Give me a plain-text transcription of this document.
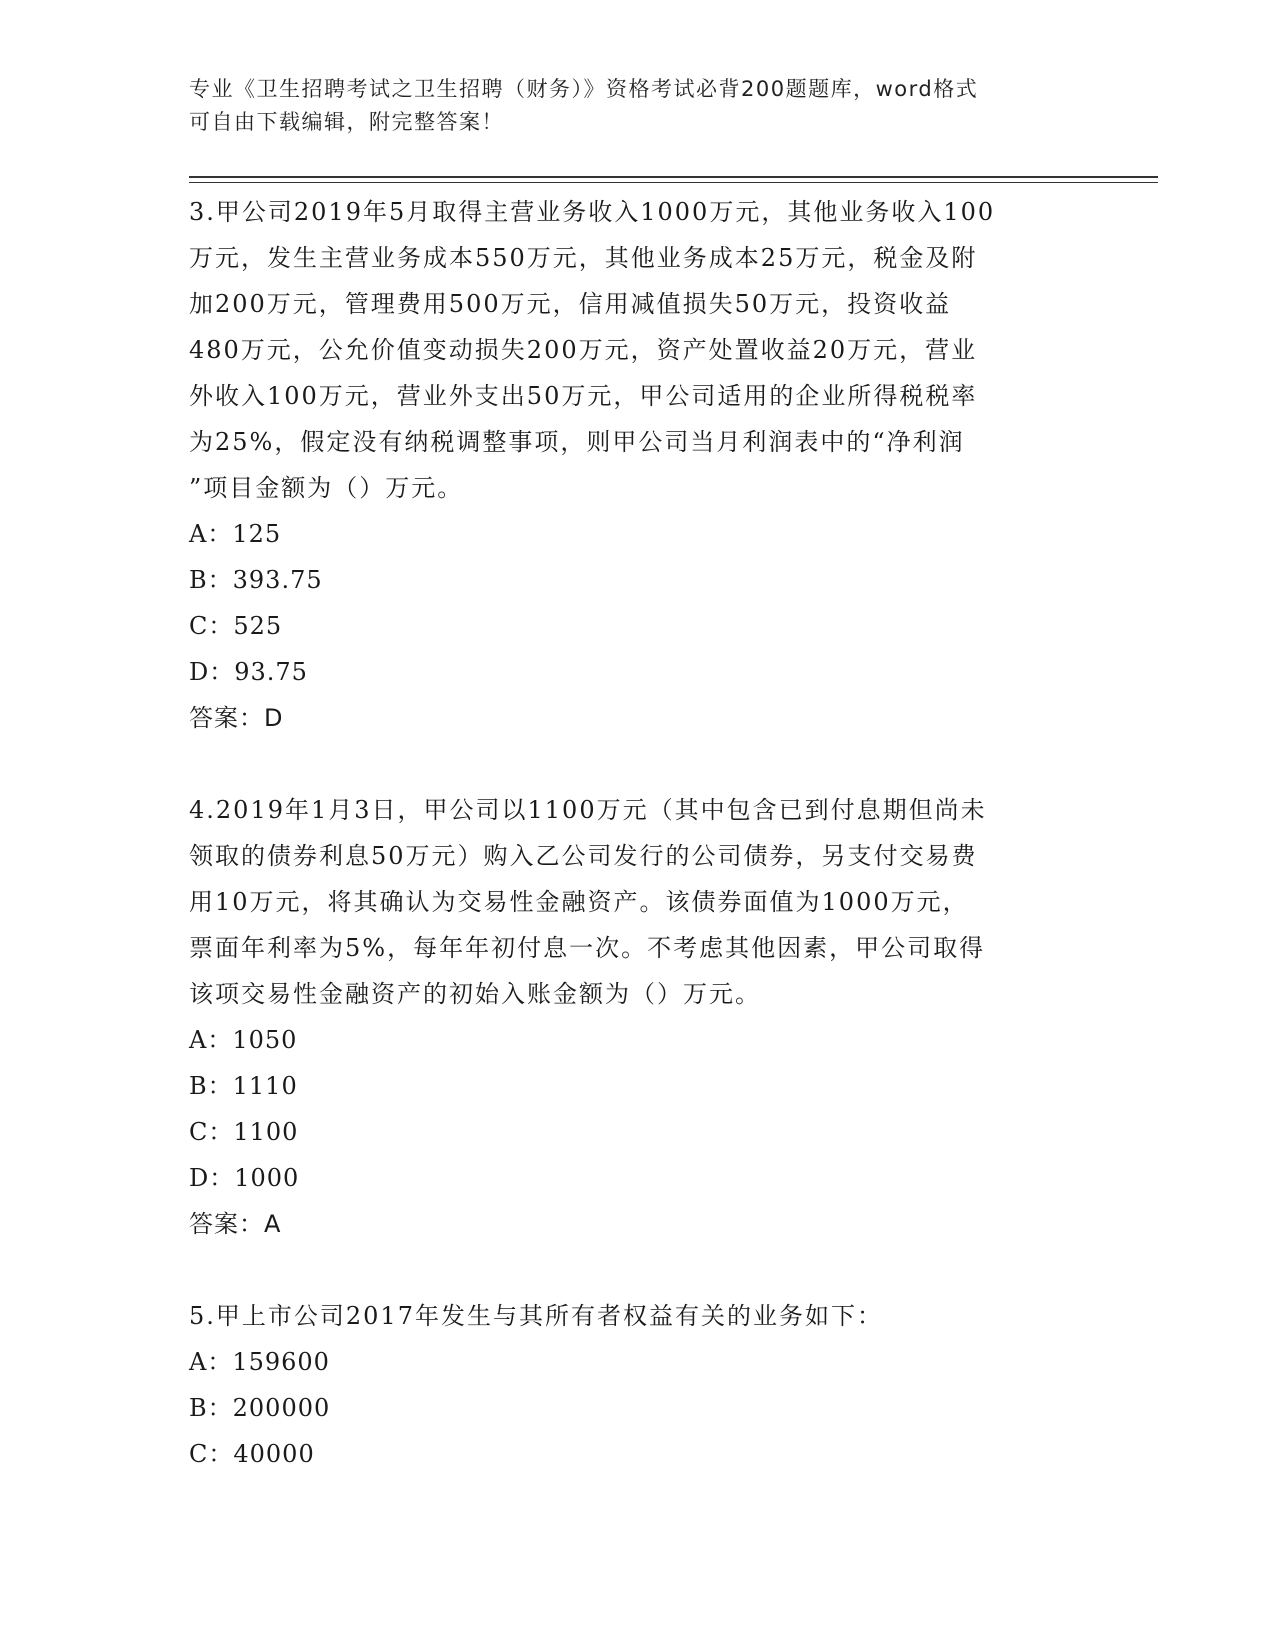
专业《卫生招聘考试之卫生招聘（财务）》资格考试必背200题题库，word格式
可自由下载编辑，附完整答案！

3.甲公司2019年5月取得主营业务收入1000万元，其他业务收入100

万元，发生主营业务成本550万元，其他业务成本25万元，税金及附

加200万元，管理费用500万元，信用减值损失50万元，投资收益

480万元，公允价值变动损失200万元，资产处置收益20万元，营业

外收入100万元，营业外支出50万元，甲公司适用的企业所得税税率

为25%，假定没有纳税调整事项，则甲公司当月利润表中的“净利润

”项目金额为（）万元。

A：125

B：393.75

C：525

D：93.75

答案：D

4.2019年1月3日，甲公司以1100万元（其中包含已到付息期但尚未

领取的债券利息50万元）购入乙公司发行的公司债券，另支付交易费

用10万元，将其确认为交易性金融资产。该债券面值为1000万元，

票面年利率为5%，每年年初付息一次。不考虑其他因素，甲公司取得

该项交易性金融资产的初始入账金额为（）万元。

A：1050

B：1110

C：1100

D：1000

答案：A

5.甲上市公司2017年发生与其所有者权益有关的业务如下：

A：159600

B：200000

C：40000
